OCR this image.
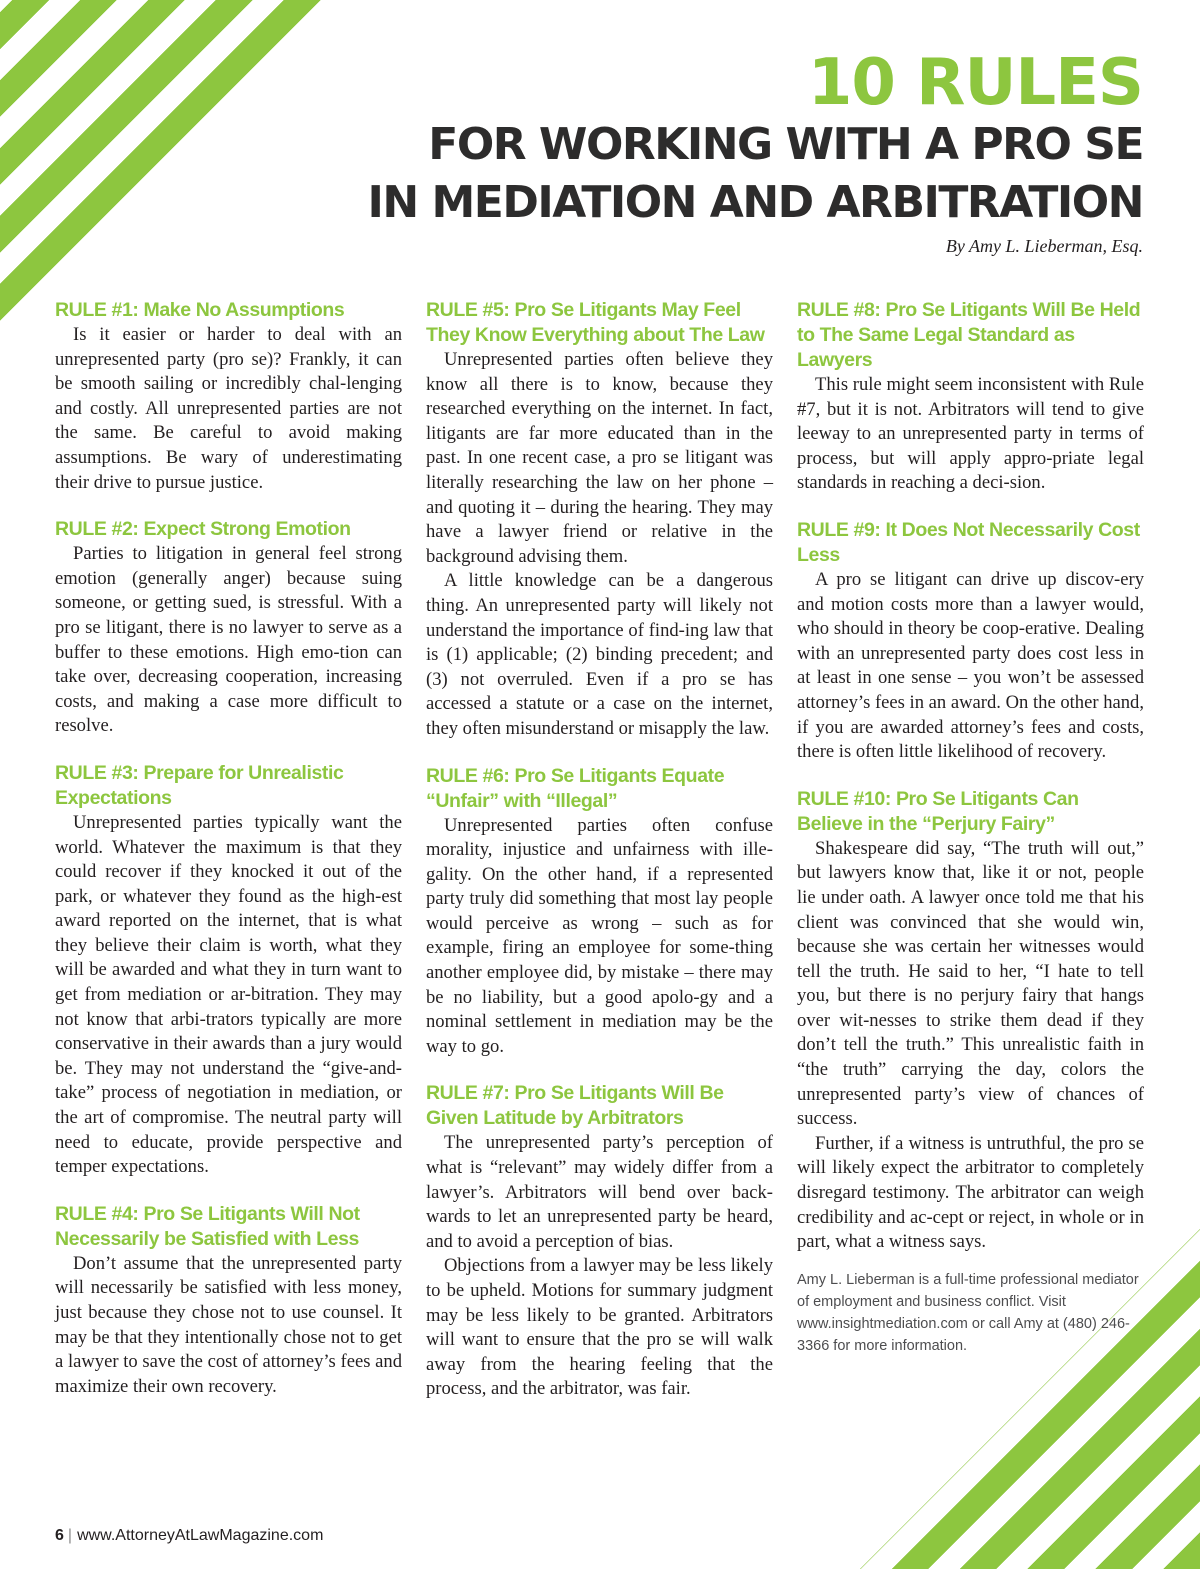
10 RULES
FOR WORKING WITH A PRO SE
IN MEDIATION AND ARBITRATION
By Amy L. Lieberman, Esq.
RULE #1: Make No Assumptions

Is it easier or harder to deal with an unrepresented party (pro se)? Frankly, it can be smooth sailing or incredibly chal-lenging and costly. All unrepresented parties are not the same. Be careful to avoid making assumptions. Be wary of underestimating their drive to pursue justice.

RULE #2: Expect Strong Emotion

Parties to litigation in general feel strong emotion (generally anger) because suing someone, or getting sued, is stressful. With a pro se litigant, there is no lawyer to serve as a buffer to these emotions. High emo-tion can take over, decreasing cooperation, increasing costs, and making a case more difficult to resolve.

RULE #3: Prepare for Unrealistic Expectations

Unrepresented parties typically want the world. Whatever the maximum is that they could recover if they knocked it out of the park, or whatever they found as the high-est award reported on the internet, that is what they believe their claim is worth, what they will be awarded and what they in turn want to get from mediation or ar-bitration. They may not know that arbi-trators typically are more conservative in their awards than a jury would be. They may not understand the “give-and-take” process of negotiation in mediation, or the art of compromise. The neutral party will need to educate, provide perspective and temper expectations.

RULE #4: Pro Se Litigants Will Not Necessarily be Satisfied with Less

Don’t assume that the unrepresented party will necessarily be satisfied with less money, just because they chose not to use counsel. It may be that they intentionally chose not to get a lawyer to save the cost of attorney’s fees and maximize their own recovery.

RULE #5: Pro Se Litigants May Feel They Know Everything about The Law

Unrepresented parties often believe they know all there is to know, because they researched everything on the internet. In fact, litigants are far more educated than in the past. In one recent case, a pro se litigant was literally researching the law on her phone – and quoting it – during the hearing. They may have a lawyer friend or relative in the background advising them.

A little knowledge can be a dangerous thing. An unrepresented party will likely not understand the importance of find-ing law that is (1) applicable; (2) binding precedent; and (3) not overruled. Even if a pro se has accessed a statute or a case on the internet, they often misunderstand or misapply the law.

RULE #6: Pro Se Litigants Equate “Unfair” with “Illegal”

Unrepresented parties often confuse morality, injustice and unfairness with ille-gality. On the other hand, if a represented party truly did something that most lay people would perceive as wrong – such as for example, firing an employee for some-thing another employee did, by mistake – there may be no liability, but a good apolo-gy and a nominal settlement in mediation may be the way to go.

RULE #7: Pro Se Litigants Will Be Given Latitude by Arbitrators

The unrepresented party’s perception of what is “relevant” may widely differ from a lawyer’s. Arbitrators will bend over back-wards to let an unrepresented party be heard, and to avoid a perception of bias.

Objections from a lawyer may be less likely to be upheld. Motions for summary judgment may be less likely to be granted. Arbitrators will want to ensure that the pro se will walk away from the hearing feeling that the process, and the arbitrator, was fair.

RULE #8: Pro Se Litigants Will Be Held to The Same Legal Standard as Lawyers

This rule might seem inconsistent with Rule #7, but it is not. Arbitrators will tend to give leeway to an unrepresented party in terms of process, but will apply appro-priate legal standards in reaching a deci-sion.

RULE #9: It Does Not Necessarily Cost Less

A pro se litigant can drive up discov-ery and motion costs more than a lawyer would, who should in theory be coop-erative. Dealing with an unrepresented party does cost less in at least in one sense – you won’t be assessed attorney’s fees in an award. On the other hand, if you are awarded attorney’s fees and costs, there is often little likelihood of recovery.

RULE #10: Pro Se Litigants Can Believe in the “Perjury Fairy”

Shakespeare did say, “The truth will out,” but lawyers know that, like it or not, people lie under oath. A lawyer once told me that his client was convinced that she would win, because she was certain her witnesses would tell the truth. He said to her, “I hate to tell you, but there is no perjury fairy that hangs over wit-nesses to strike them dead if they don’t tell the truth.” This unrealistic faith in “the truth” carrying the day, colors the unrepresented party’s view of chances of success.

Further, if a witness is untruthful, the pro se will likely expect the arbitrator to completely disregard testimony. The arbitrator can weigh credibility and ac-cept or reject, in whole or in part, what a witness says.

Amy L. Lieberman is a full-time professional mediator of employment and business conflict. Visit www.insightmediation.com or call Amy at (480) 246-3366 for more information.

6 | www.AttorneyAtLawMagazine.com
